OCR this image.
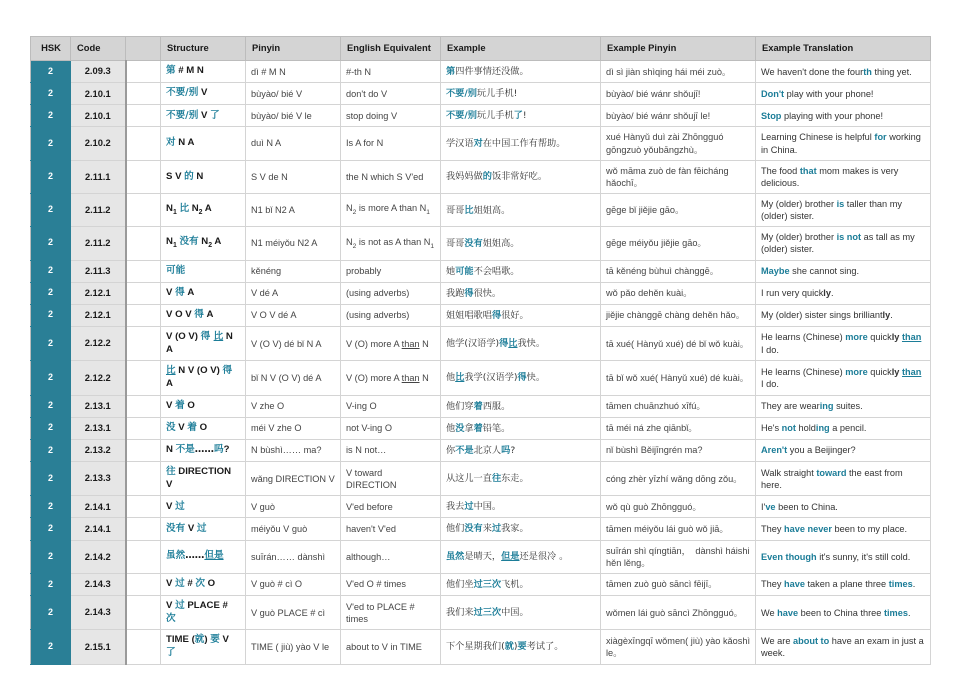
HSK	Code		Structure	Pinyin	English Equivalent	Example	Example Pinyin	Example Translation
2	2.09.3		第 # M N	dì # M N	#-th N	第四件事情还没做。	dì sì jiàn shìqing hái méi zuò。	We haven't done the fourth thing yet.
2	2.10.1		不要/别 V	bùyào/ bié V	don't do V	不要/别玩儿手机!	bùyào/ bié wánr shǒujī!	Don't play with your phone!
2	2.10.1		不要/别 V 了	bùyào/ bié V le	stop doing V	不要/别玩儿手机了!	bùyào/ bié wánr shǒujī le!	Stop playing with your phone!
2	2.10.2		对 N A	duì N A	Is A for N	学汉语对在中国工作有帮助。	xué Hànyǔ duì zài Zhōngguó gōngzuò yǒubāngzhù。	Learning Chinese is helpful for working in China.
2	2.11.1		S V 的 N	S V de N	the N which S V'ed	我妈妈做的饭非常好吃。	wǒ māma zuò de fàn fēicháng hǎochī。	The food that mom makes is very delicious.
2	2.11.2		$N_1$ 比 $N_2$ A	N1 bǐ N2 A	$N_2$ is more A than $N_1$	哥哥比姐姐高。	gēge bǐ jiějie gāo。	My (older) brother is taller than my (older) sister.
2	2.11.2		$N_1$ 没有 $N_2$ A	N1 méiyǒu N2 A	$N_2$ is not as A than $N_1$	哥哥没有姐姐高。	gēge méiyǒu jiějie gāo。	My (older) brother is not as tall as my (older) sister.
2	2.11.3		可能	kěnéng	probably	她可能不会唱歌。	tā kěnéng bùhuì chànggē。	Maybe she cannot sing.
2	2.12.1		V 得 A	V dé A	(using adverbs)	我跑得很快。	wǒ pǎo dehěn kuài。	I run very quickly.
2	2.12.1		V O V 得 A	V O V dé A	(using adverbs)	姐姐唱歌唱得很好。	jiějie chànggē chàng dehěn hǎo。	My (older) sister sings brilliantly.
2	2.12.2		V (O V) 得 比 N A	V (O V) dé bǐ N A	V (O) more A than N	他学(汉语学)得比我快。	tā xué( Hànyǔ xué) dé bǐ wǒ kuài。	He learns (Chinese) more quickly than I do.
2	2.12.2		比 N V (O V) 得 A	bǐ N V (O V) dé A	V (O) more A than N	他比我学(汉语学)得快。	tā bǐ wǒ xué( Hànyǔ xué) dé kuài。	He learns (Chinese) more quickly than I do.
2	2.13.1		V 着 O	V zhe O	V-ing O	他们穿着西服。	tāmen chuānzhuó xīfú。	They are wearing suites.
2	2.13.1		没 V 着 O	méi V zhe O	not V-ing O	他没拿着铅笔。	tā méi ná zhe qiānbǐ。	He's not holding a pencil.
2	2.13.2		N 不是……吗?	N bùshì…… ma?	is N not…	你不是北京人吗?	nǐ bùshì Běijīngrén ma?	Aren't you a Beijinger?
2	2.13.3		往 DIRECTION V	wǎng DIRECTION V	V toward DIRECTION	从这儿一直往东走。	cóng zhèr yīzhí wǎng dōng zǒu。	Walk straight toward the east from here.
2	2.14.1		V 过	V guò	V'ed before	我去过中国。	wǒ qù guò Zhōngguó。	I've been to China.
2	2.14.1		没有 V 过	méiyǒu V guò	haven't V'ed	他们没有来过我家。	tāmen méiyǒu lái guò wǒ jiā。	They have never been to my place.
2	2.14.2		虽然……但是	suīrán…… dànshì	although…	虽然是晴天，但是还是很冷 。	suīrán shì qíngtiān，　dànshì háishi hěn lěng。	Even though it's sunny, it's still cold.
2	2.14.3		V 过 # 次 O	V guò # cì O	V'ed O # times	他们坐过三次飞机。	tāmen zuò guò sāncì fēijī。	They have taken a plane three times.
2	2.14.3		V 过 PLACE # 次	V guò PLACE # cì	V'ed to PLACE # times	我们来过三次中国。	wǒmen lái guò sāncì Zhōngguó。	We have been to China three times.
2	2.15.1		TIME (就) 要 V 了	TIME ( jiù) yào V le	about to V in TIME	下个星期我们(就)要考试了。	xiàgèxīngqī wǒmen( jiù) yào kǎoshì le。	We are about to have an exam in just a week.
